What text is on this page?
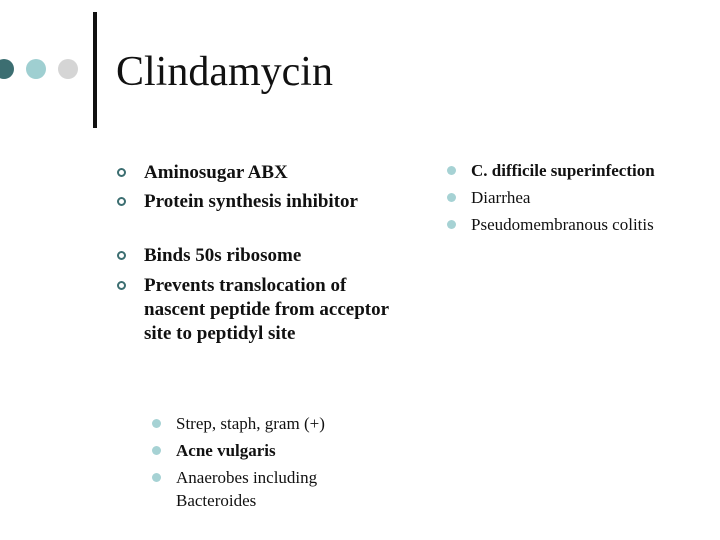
Clindamycin
Aminosugar ABX
Protein synthesis inhibitor
Binds 50s ribosome
Prevents translocation of nascent peptide from acceptor site to peptidyl site
Strep, staph, gram (+)
Acne vulgaris
Anaerobes including Bacteroides
C. difficile superinfection
Diarrhea
Pseudomembranous colitis
